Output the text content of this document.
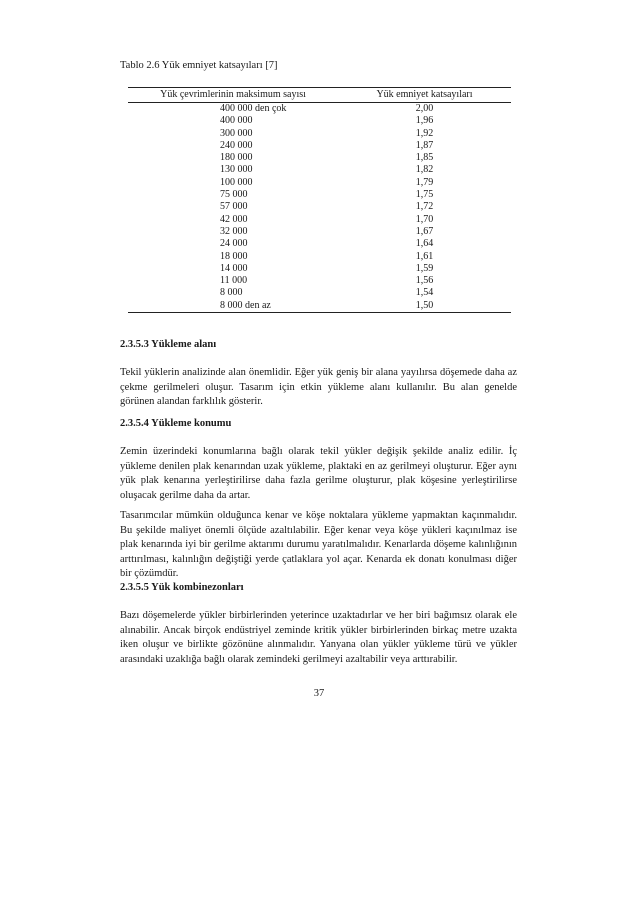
Tablo 2.6 Yük emniyet katsayıları [7]
Yük çevrimlerinin maksimum sayısı	Yük emniyet katsayıları
400 000 den çok	2,00
400 000	1,96
300 000	1,92
240 000	1,87
180 000	1,85
130 000	1,82
100 000	1,79
75 000	1,75
57 000	1,72
42 000	1,70
32 000	1,67
24 000	1,64
18 000	1,61
14 000	1,59
11 000	1,56
8 000	1,54
8 000 den az	1,50
2.3.5.3 Yükleme alanı

Tekil yüklerin analizinde alan önemlidir. Eğer yük geniş bir alana yayılırsa döşemede daha az çekme gerilmeleri oluşur. Tasarım için etkin yükleme alanı kullanılır. Bu alan genelde görünen alandan farklılık gösterir.

2.3.5.4 Yükleme konumu

Zemin üzerindeki konumlarına bağlı olarak tekil yükler değişik şekilde analiz edilir. İç yükleme denilen plak kenarından uzak yükleme, plaktaki en az gerilmeyi oluşturur. Eğer aynı yük plak kenarına yerleştirilirse daha fazla gerilme oluşturur, plak köşesine yerleştirilirse oluşacak gerilme daha da artar.

Tasarımcılar mümkün olduğunca kenar ve köşe noktalara yükleme yapmaktan kaçınmalıdır. Bu şekilde maliyet önemli ölçüde azaltılabilir. Eğer kenar veya köşe yükleri kaçınılmaz ise plak kenarında iyi bir gerilme aktarımı durumu yaratılmalıdır. Kenarlarda döşeme kalınlığının arttırılması, kalınlığın değiştiği yerde çatlaklara yol açar. Kenarda ek donatı konulması diğer bir çözümdür.

2.3.5.5 Yük kombinezonları

Bazı döşemelerde yükler birbirlerinden yeterince uzaktadırlar ve her biri bağımsız olarak ele alınabilir. Ancak birçok endüstriyel zeminde kritik yükler birbirlerinden birkaç metre uzakta iken oluşur ve birlikte gözönüne alınmalıdır. Yanyana olan yükler yükleme türü ve yükler arasındaki uzaklığa bağlı olarak zemindeki gerilmeyi azaltabilir veya arttırabilir.

37
